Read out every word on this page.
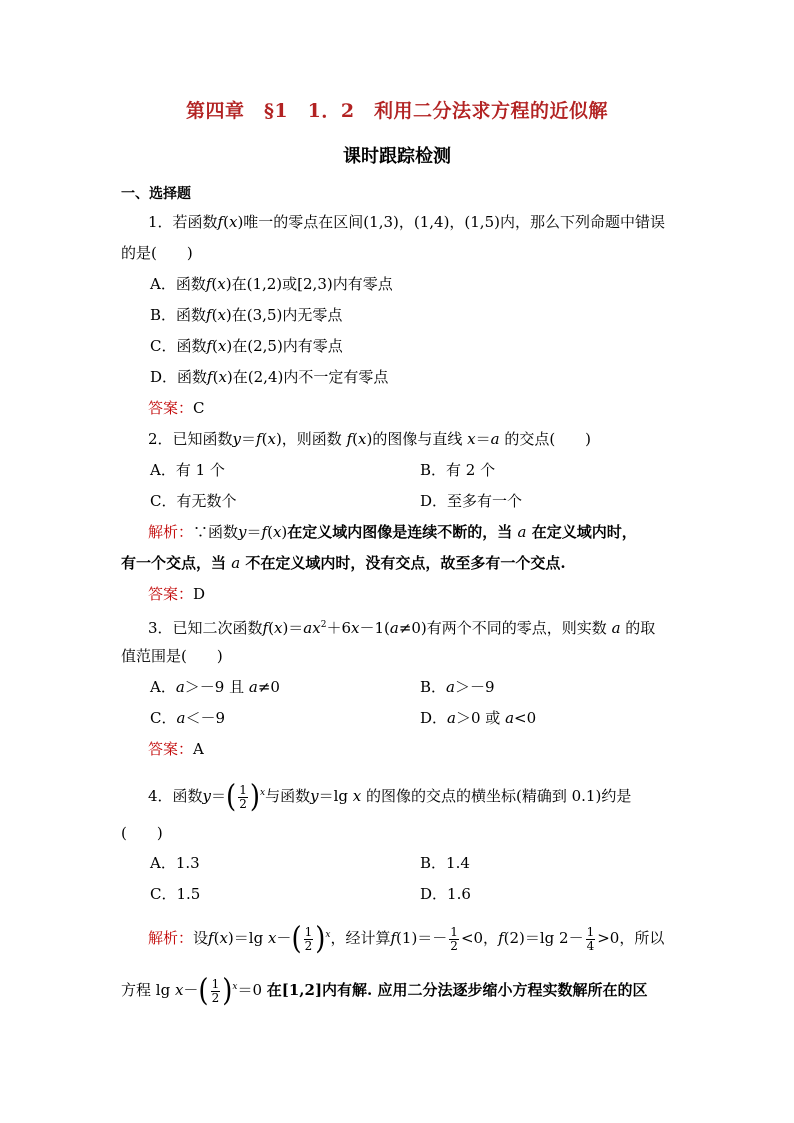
第四章　§1　1．2　利用二分法求方程的近似解
课时跟踪检测
一、选择题
1．若函数f(x)唯一的零点在区间(1,3)，(1,4)，(1,5)内，那么下列命题中错误
的是(　　)
A．函数f(x)在(1,2)或[2,3)内有零点
B．函数f(x)在(3,5)内无零点
C．函数f(x)在(2,5)内有零点
D．函数f(x)在(2,4)内不一定有零点
答案：C
2．已知函数y＝f(x)，则函数 f(x)的图像与直线 x＝a 的交点(　　)
A．有 1 个	B．有 2 个
C．有无数个	D．至多有一个
解析：∵函数y＝f(x)在定义域内图像是连续不断的，当 a 在定义域内时，
有一个交点，当 a 不在定义域内时，没有交点，故至多有一个交点.
答案：D
3．已知二次函数$f(x)=ax^2+6x-1(a\ne 0)$有两个不同的零点，则实数 a 的取
值范围是(　　)
A．a＞－9 且 a≠0	B．a＞－9
C．a＜－9	D．a＞0 或 a<0
答案：A
4．函数$y=( \frac{1}{2} )^x$与函数y＝lg x 的图像的交点的横坐标(精确到 0.1)约是
(　　)
A．1.3	B．1.4
C．1.5	D．1.6
解析：设f(x)＝lg $x-( \frac{1}{2} )^x$，经计算$f(1)=- \frac{1}{2} <0$，f(2)＝lg $2- \frac{1}{4} >0$，所以
方程 $\lg x-( \frac{1}{2} )^x=0$ 在[1,2]内有解. 应用二分法逐步缩小方程实数解所在的区
